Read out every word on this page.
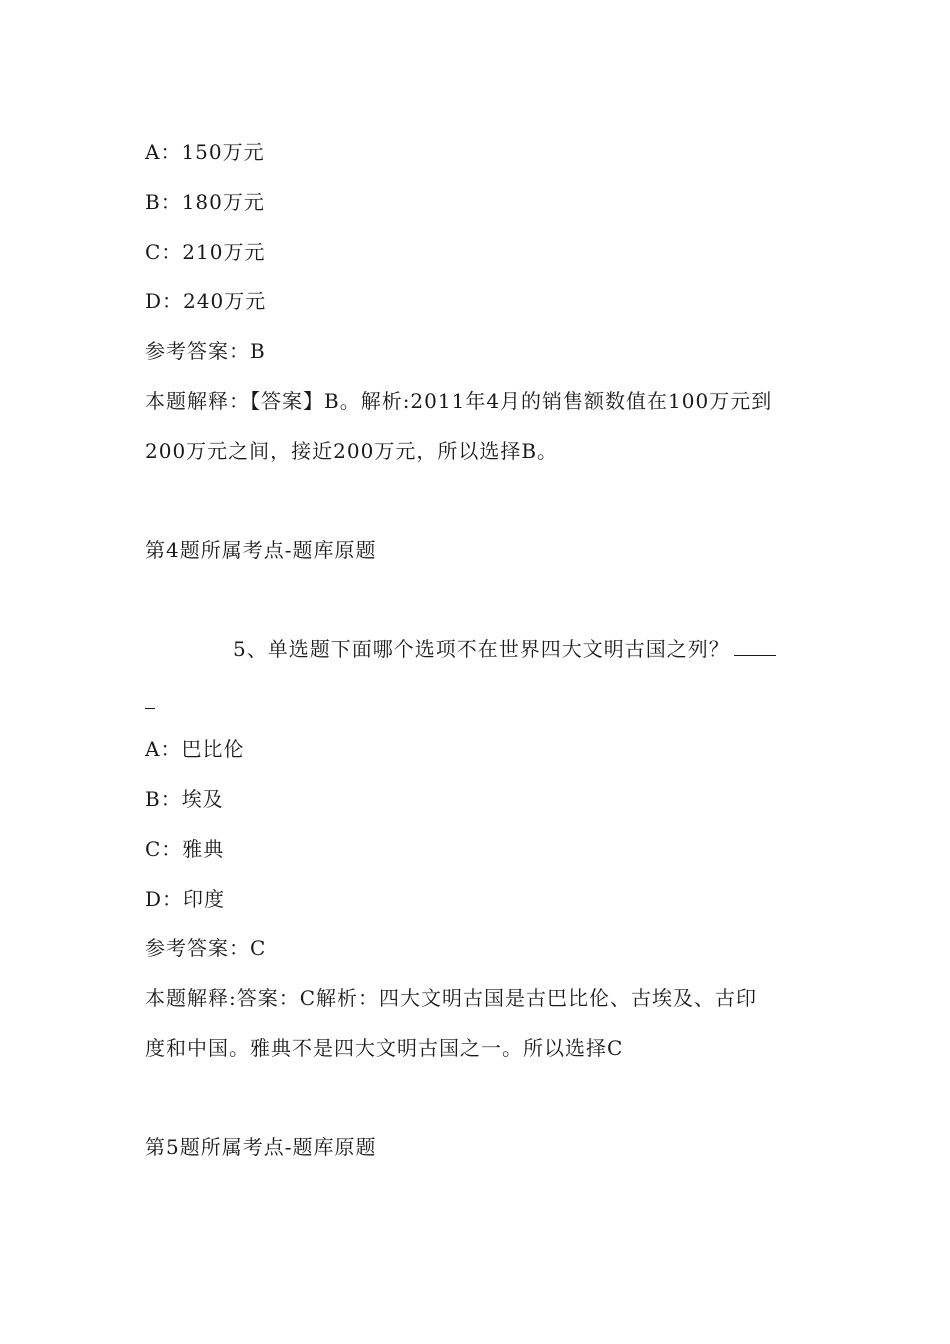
A：150万元
B：180万元
C：210万元
D：240万元
参考答案：B
本题解释：【答案】B。解析:2011年4月的销售额数值在100万元到
200万元之间，接近200万元，所以选择B。
第4题所属考点-题库原题
5、单选题下面哪个选项不在世界四大文明古国之列？
A：巴比伦
B：埃及
C：雅典
D：印度
参考答案：C
本题解释:答案：C解析：四大文明古国是古巴比伦、古埃及、古印
度和中国。雅典不是四大文明古国之一。所以选择C
第5题所属考点-题库原题
